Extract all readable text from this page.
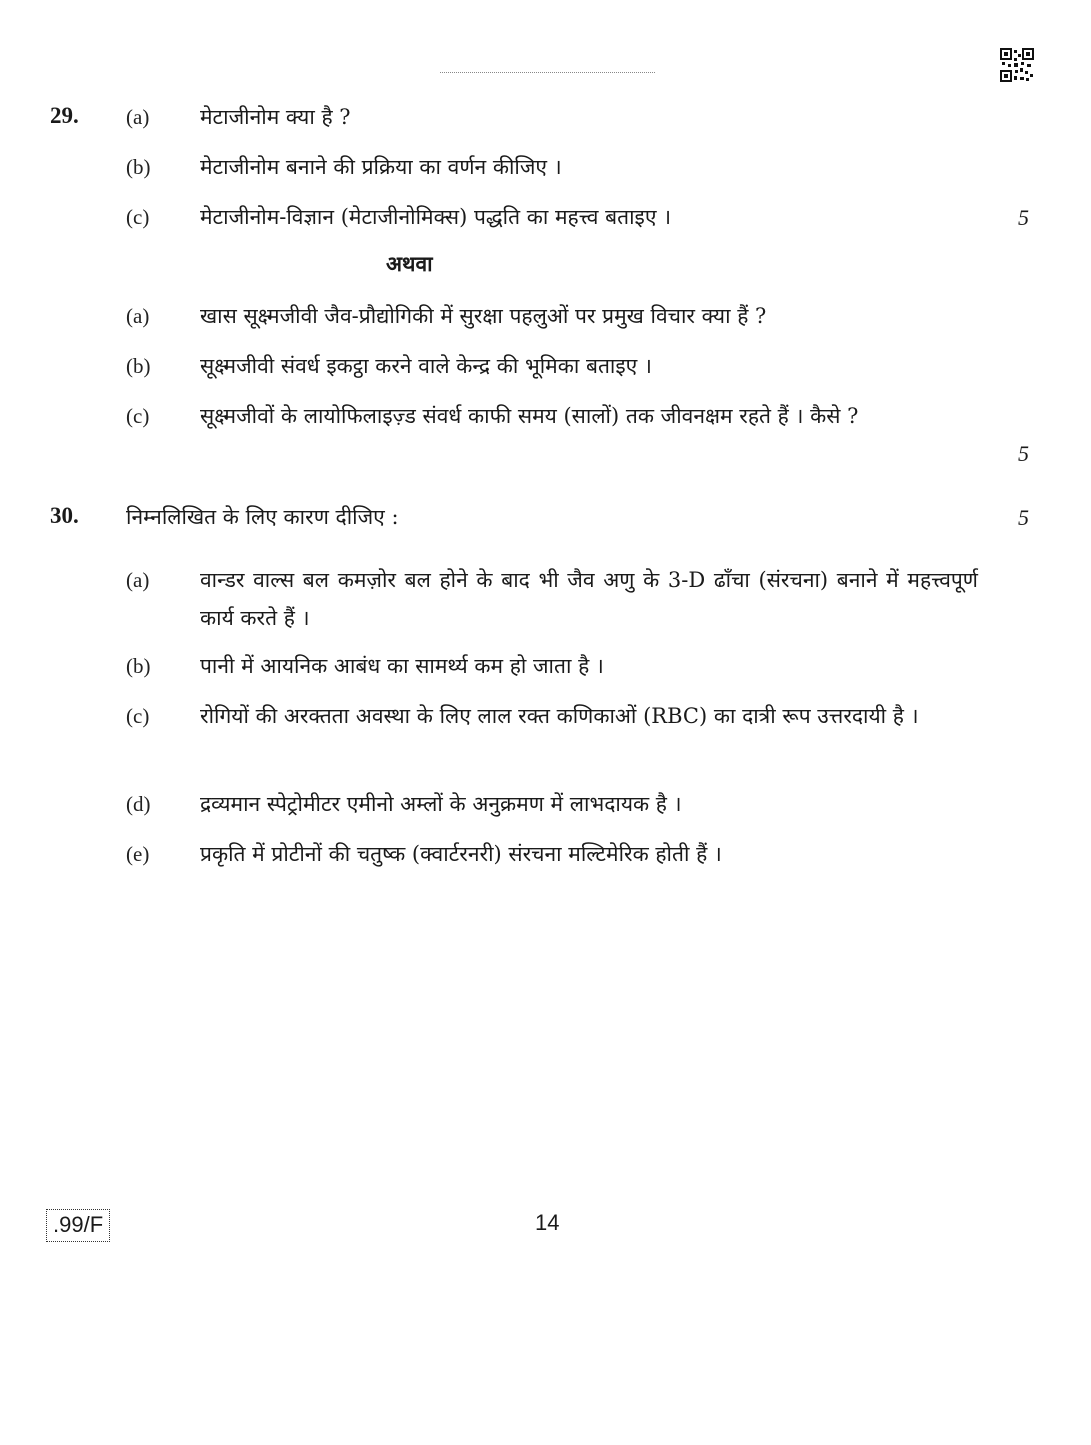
29. (a) मेटाजीनोम क्या है ?
(b) मेटाजीनोम बनाने की प्रक्रिया का वर्णन कीजिए ।
(c) मेटाजीनोम-विज्ञान (मेटाजीनोमिक्स) पद्धति का महत्त्व बताइए ।	5
अथवा
(a) खास सूक्ष्मजीवी जैव-प्रौद्योगिकी में सुरक्षा पहलुओं पर प्रमुख विचार क्या हैं ?
(b) सूक्ष्मजीवी संवर्ध इकट्ठा करने वाले केन्द्र की भूमिका बताइए ।
(c) सूक्ष्मजीवों के लायोफिलाइज़्ड संवर्ध काफी समय (सालों) तक जीवनक्षम रहते हैं । कैसे ?
5
30. निम्नलिखित के लिए कारण दीजिए :	5
(a) वान्डर वाल्स बल कमज़ोर बल होने के बाद भी जैव अणु के 3-D ढाँचा (संरचना) बनाने में महत्त्वपूर्ण कार्य करते हैं ।
(b) पानी में आयनिक आबंध का सामर्थ्य कम हो जाता है ।
(c) रोगियों की अरक्तता अवस्था के लिए लाल रक्त कणिकाओं (RBC) का दात्री रूप उत्तरदायी है ।
(d) द्रव्यमान स्पेट्रोमीटर एमीनो अम्लों के अनुक्रमण में लाभदायक है ।
(e) प्रकृति में प्रोटीनों की चतुष्क (क्वार्टरनरी) संरचना मल्टिमेरिक होती हैं ।
.99/F	14
